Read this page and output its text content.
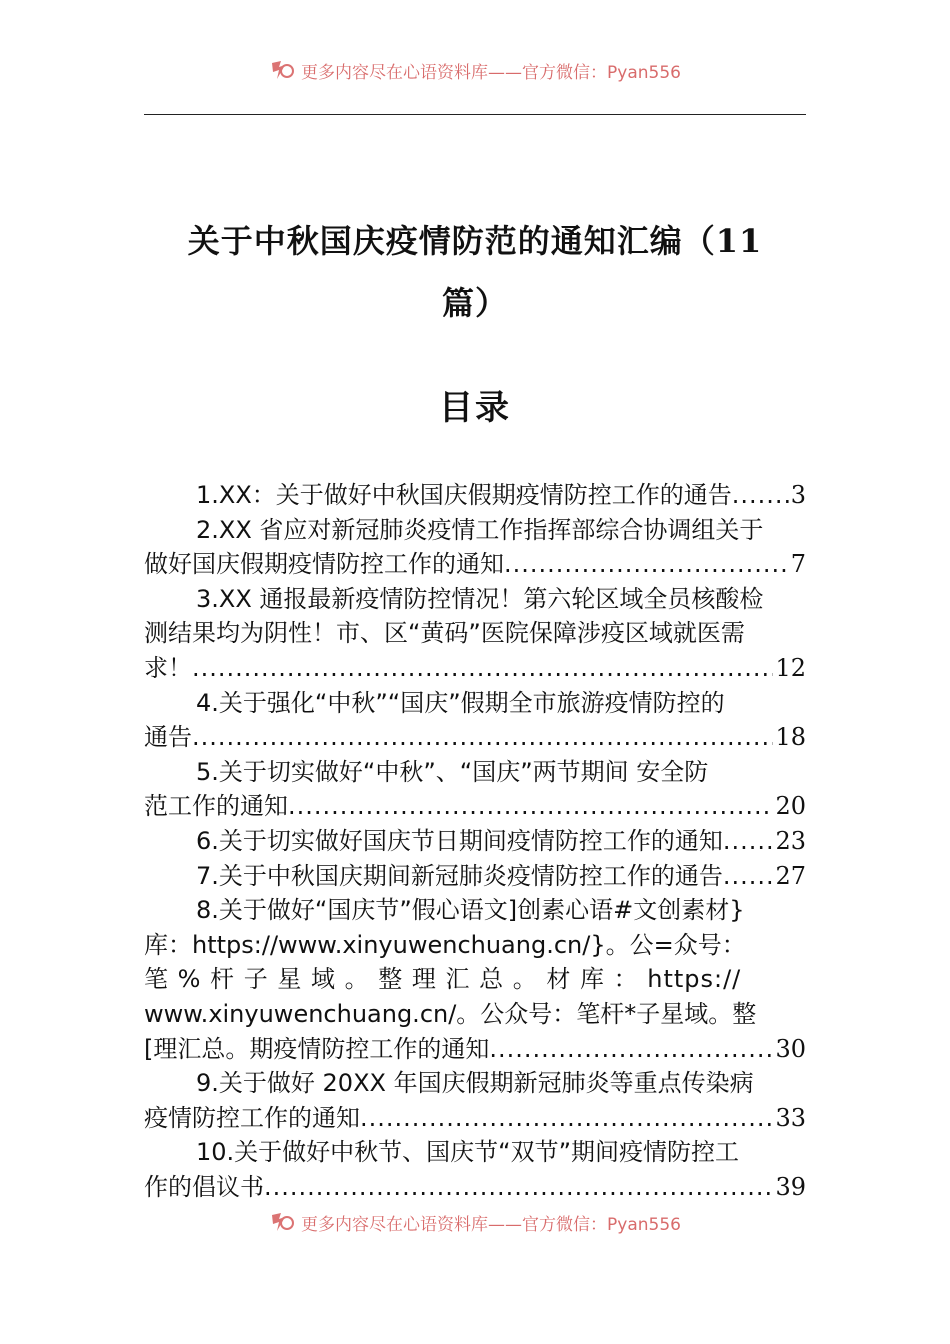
更多内容尽在心语资料库——官方微信：Pyan556
关于中秋国庆疫情防范的通知汇编（11
篇）
目录
1.XX：关于做好中秋国庆假期疫情防控工作的通告 ..... 3
2.XX 省应对新冠肺炎疫情工作指挥部综合协调组关于
做好国庆假期疫情防控工作的通知 .....	7
3.XX 通报最新疫情防控情况！第六轮区域全员核酸检
测结果均为阴性！市、区“黄码”医院保障涉疫区域就医需
求！ .....	12
4.关于强化“中秋”“国庆”假期全市旅游疫情防控的
通告 .....	18
5.关于切实做好“中秋”、“国庆”两节期间 安全防
范工作的通知 .....	20
6.关于切实做好国庆节日期间疫情防控工作的通知 ..... 23
7.关于中秋国庆期间新冠肺炎疫情防控工作的通告 ..... 27
8.关于做好“国庆节”假心语文]创素心语#文创素材}
库：https://www.xinyuwenchuang.cn/}。公=众号：
笔 % 杆 子 星 域 。 整 理 汇 总 。 材 库 ： https://
www.xinyuwenchuang.cn/。公众号：笔杆*子星域。整
[理汇总。期疫情防控工作的通知 .....	30
9.关于做好 20XX 年国庆假期新冠肺炎等重点传染病
疫情防控工作的通知 .....	33
10.关于做好中秋节、国庆节“双节”期间疫情防控工
作的倡议书 .....	39
更多内容尽在心语资料库——官方微信：Pyan556
